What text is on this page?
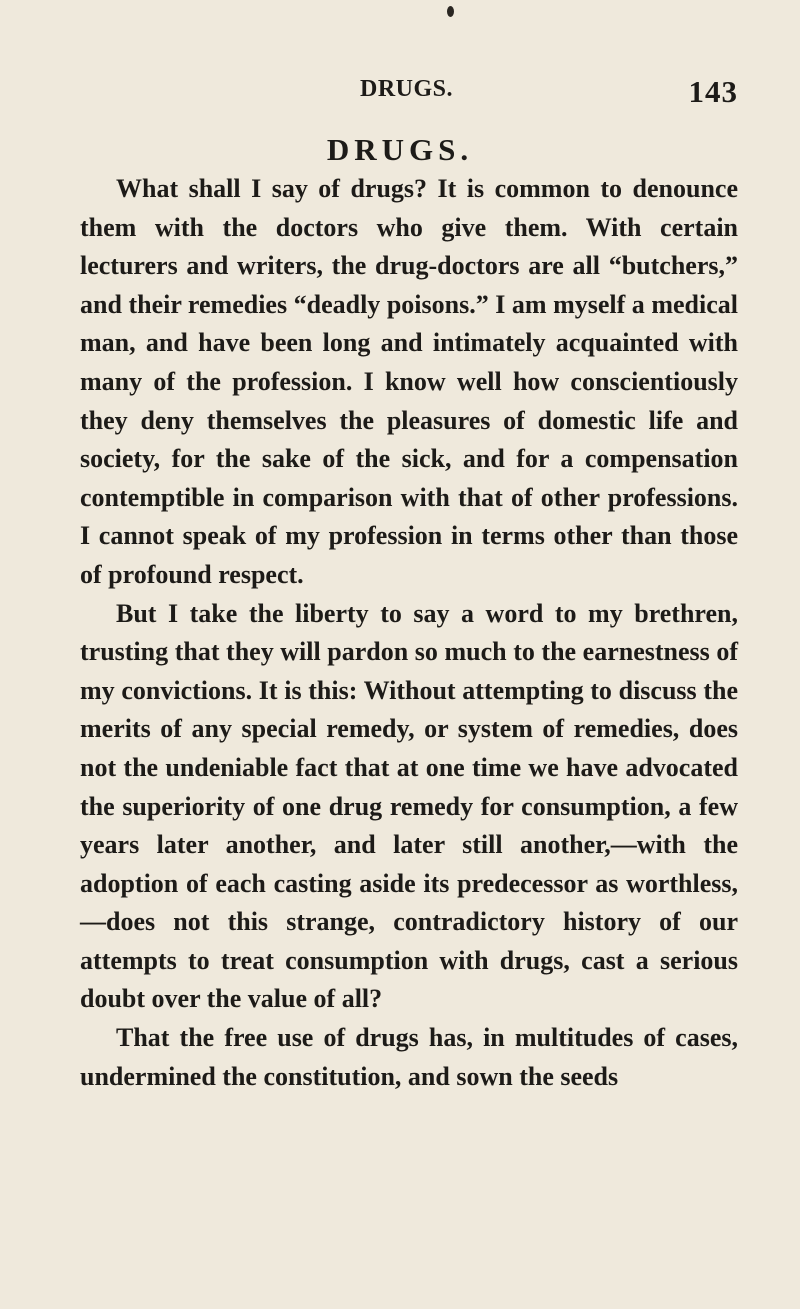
DRUGS.	143
DRUGS.

What shall I say of drugs? It is common to denounce them with the doctors who give them. With certain lecturers and writers, the drug-doctors are all “butchers,” and their remedies “deadly poisons.” I am myself a medical man, and have been long and intimately acquainted with many of the profession. I know well how conscientiously they deny themselves the pleasures of domestic life and society, for the sake of the sick, and for a compensation contemptible in comparison with that of other professions. I cannot speak of my profession in terms other than those of profound respect.

But I take the liberty to say a word to my brethren, trusting that they will pardon so much to the earnestness of my convictions. It is this: Without attempting to discuss the merits of any special remedy, or system of remedies, does not the undeniable fact that at one time we have advocated the superiority of one drug remedy for consumption, a few years later another, and later still another,—with the adoption of each casting aside its predecessor as worthless,—does not this strange, contradictory history of our attempts to treat consumption with drugs, cast a serious doubt over the value of all?

That the free use of drugs has, in multitudes of cases, undermined the constitution, and sown the seeds
